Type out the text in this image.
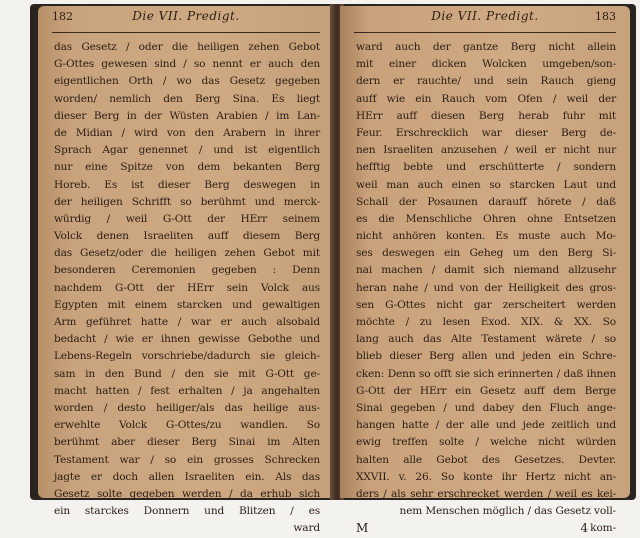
182	Die VII. Predigt.
das Gesetz / oder die heiligen zehen Gebot
G-Ottes gewesen sind / so nennt er auch den
eigentlichen Orth / wo das Gesetz gegeben
worden/ nemlich den Berg Sina. Es liegt
dieser Berg in der Wüsten Arabien / im Lan-
de Midian / wird von den Arabern in ihrer
Sprach Agar genennet / und ist eigentlich
nur eine Spitze von dem bekanten Berg
Horeb. Es ist dieser Berg deswegen in
der heiligen Schrifft so berühmt und merck-
würdig / weil G-Ott der HErr seinem
Volck denen Israeliten auff diesem Berg
das Gesetz/oder die heiligen zehen Gebot mit
besonderen Ceremonien gegeben : Denn
nachdem G-Ott der HErr sein Volck aus
Egypten mit einem starcken und gewaltigen
Arm geführet hatte / war er auch alsobald
bedacht / wie er ihnen gewisse Gebothe und
Lebens-Regeln vorschriebe/dadurch sie gleich-
sam in den Bund / den sie mit G-Ott ge-
macht hatten / fest erhalten / ja angehalten
worden / desto heiliger/als das heilige aus-
erwehlte Volck G-Ottes/zu wandlen. So
berühmt aber dieser Berg Sinai im Alten
Testament war / so ein grosses Schrecken
jagte er doch allen Israeliten ein. Als das
Gesetz solte gegeben werden / da erhub sich
ein starckes Donnern und Blitzen / es
ward
Die VII. Predigt.	183
ward auch der gantze Berg nicht allein
mit einer dicken Wolcken umgeben/son-
dern er rauchte/ und sein Rauch gieng
auff wie ein Rauch vom Ofen / weil der
HErr auff diesen Berg herab fuhr mit
Feur. Erschrecklich war dieser Berg de-
nen Israeliten anzusehen / weil er nicht nur
hefftig bebte und erschütterte / sondern
weil man auch einen so starcken Laut und
Schall der Posaunen darauff hörete / daß
es die Menschliche Ohren ohne Entsetzen
nicht anhören konten. Es muste auch Mo-
ses deswegen ein Geheg um den Berg Si-
nai machen / damit sich niemand allzusehr
heran nahe / und von der Heiligkeit des gros-
sen G-Ottes nicht gar zerscheitert werden
möchte / zu lesen Exod. XIX. & XX. So
lang auch das Alte Testament wärete / so
blieb dieser Berg allen und jeden ein Schre-
cken: Denn so offt sie sich erinnerten / daß ihnen
G-Ott der HErr ein Gesetz auff dem Berge
Sinai gegeben / und dabey den Fluch ange-
hangen hatte / der alle und jede zeitlich und
ewig treffen solte / welche nicht würden
halten alle Gebot des Gesetzes. Devter.
XXVII. v. 26. So konte ihr Hertz nicht an-
ders / als sehr erschrecket werden / weil es kei-
nem Menschen möglich / das Gesetz voll-
M 4 kom-
